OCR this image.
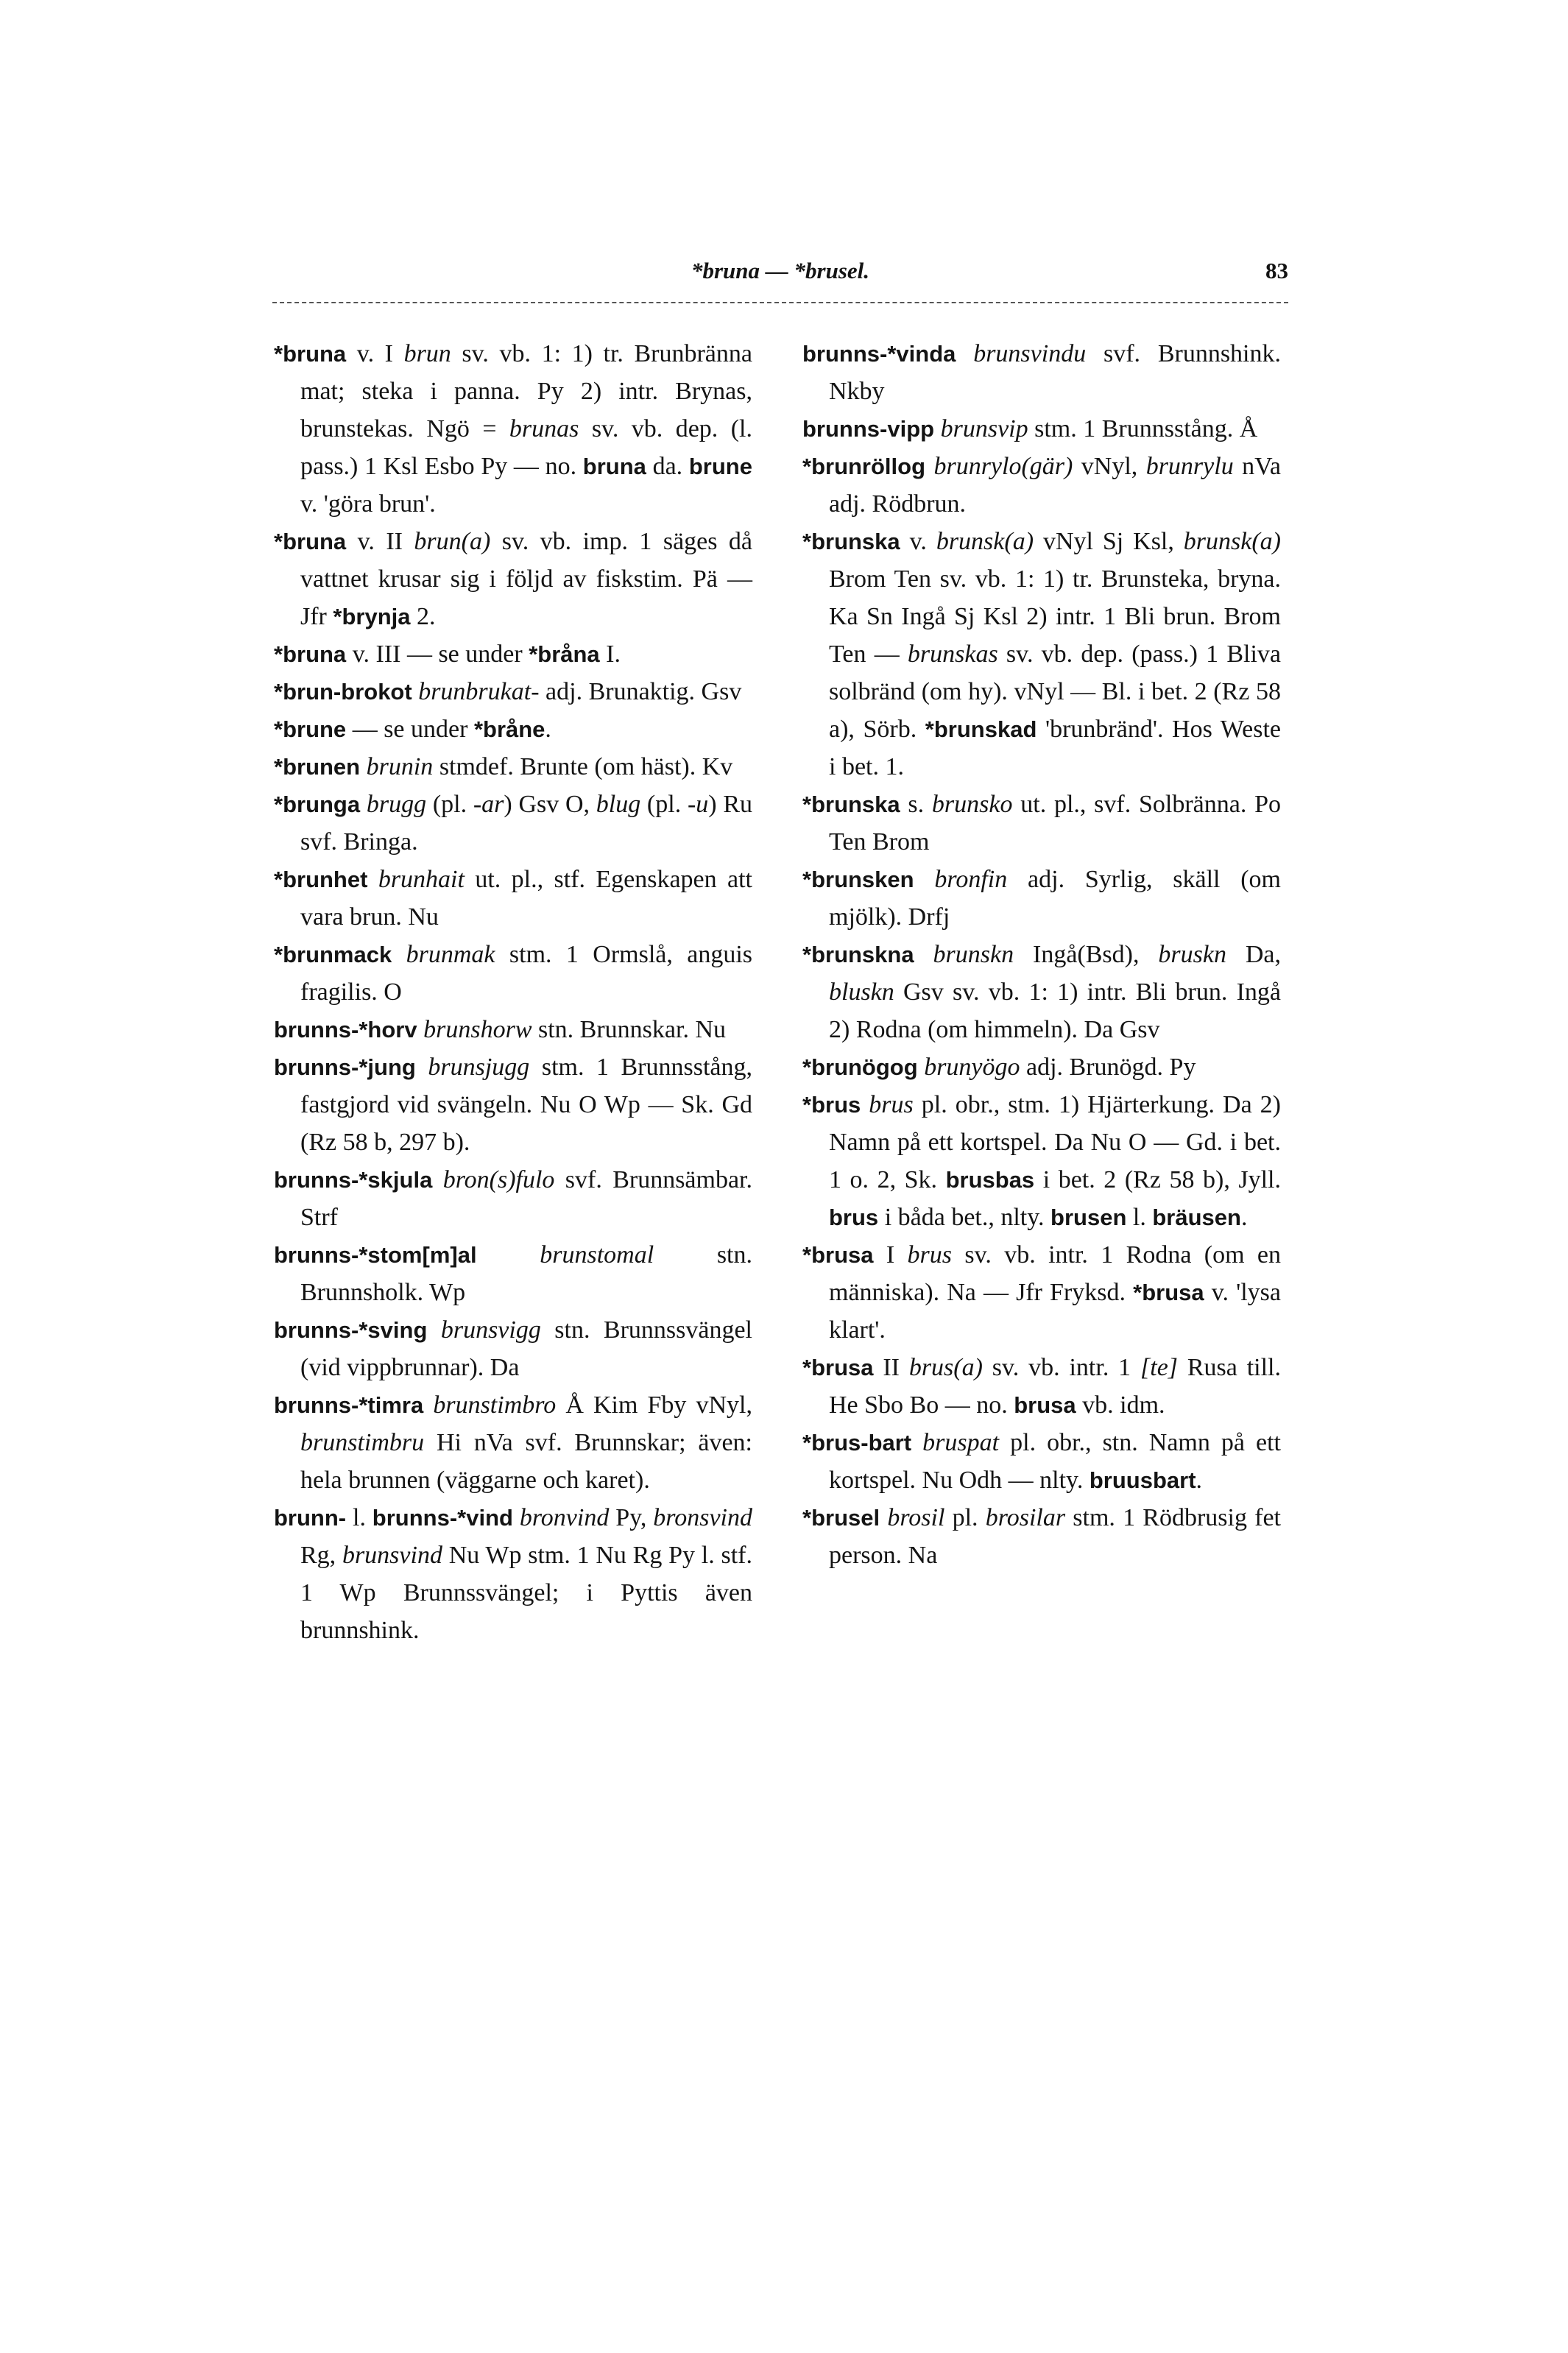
*bruna — *brusel.	83

*bruna v. I brun sv. vb. 1: 1) tr. Brunbränna mat; steka i panna. Py 2) intr. Brynas, brunstekas. Ngö = brunas sv. vb. dep. (l. pass.) 1 Ksl Esbo Py — no. bruna da. brune v. 'göra brun'.

*bruna v. II brun(a) sv. vb. imp. 1 säges då vattnet krusar sig i följd av fiskstim. Pä — Jfr *brynja 2.

*bruna v. III — se under *bråna I.

*brun-brokot brunbrukat- adj. Brunaktig. Gsv

*brune — se under *bråne.

*brunen brunin stmdef. Brunte (om häst). Kv

*brunga brugg (pl. -ar) Gsv O, blug (pl. -u) Ru svf. Bringa.

*brunhet brunhait ut. pl., stf. Egenskapen att vara brun. Nu

*brunmack brunmak stm. 1 Ormslå, anguis fragilis. O

brunns-*horv brunshorw stn. Brunnskar. Nu

brunns-*jung brunsjugg stm. 1 Brunnsstång, fastgjord vid svängeln. Nu O Wp — Sk. Gd (Rz 58 b, 297 b).

brunns-*skjula bron(s)fulo svf. Brunnsämbar. Strf

brunns-*stom[m]al	brunstomal stn. Brunnsholk. Wp

brunns-*sving brunsvigg stn. Brunnssvängel (vid vippbrunnar). Da

brunns-*timra brunstimbro Å Kim Fby vNyl, brunstimbru Hi nVa svf. Brunnskar; även: hela brunnen (väggarne och karet).

brunn- l. brunns-*vind bronvind Py, bronsvind Rg, brunsvind Nu Wp stm. 1 Nu Rg Py l. stf. 1 Wp Brunnssvängel; i Pyttis även brunnshink.

brunns-*vinda brunsvindu svf. Brunnshink. Nkby

brunns-vipp brunsvip stm. 1 Brunnsstång. Å

*brunröllog brunrylo(gär) vNyl, brunrylu nVa adj. Rödbrun.

*brunska v. brunsk(a) vNyl Sj Ksl, brunsk(a) Brom Ten sv. vb. 1: 1) tr. Brunsteka, bryna. Ka Sn Ingå Sj Ksl 2) intr. 1 Bli brun. Brom Ten — brunskas sv. vb. dep. (pass.) 1 Bliva solbränd (om hy). vNyl — Bl. i bet. 2 (Rz 58 a), Sörb. *brunskad 'brunbränd'. Hos Weste i bet. 1.

*brunska s. brunsko ut. pl., svf. Solbränna. Po Ten Brom

*brunsken bronfin adj. Syrlig, skäll (om mjölk). Drfj

*brunskna brunskn Ingå(Bsd), bruskn Da, bluskn Gsv sv. vb. 1: 1) intr. Bli brun. Ingå 2) Rodna (om himmeln). Da Gsv

*brunögog brunyögo adj. Brunögd. Py

*brus brus pl. obr., stm. 1) Hjärterkung. Da 2) Namn på ett kortspel. Da Nu O — Gd. i bet. 1 o. 2, Sk. brusbas i bet. 2 (Rz 58 b), Jyll. brus i båda bet., nlty. brusen l. bräusen.

*brusa I brus sv. vb. intr. 1 Rodna (om en människa). Na — Jfr Fryksd. *brusa v. 'lysa klart'.

*brusa II brus(a) sv. vb. intr. 1 [te] Rusa till. He Sbo Bo — no. brusa vb. idm.

*brus-bart bruspat pl. obr., stn. Namn på ett kortspel. Nu Odh — nlty. bruusbart.

*brusel brosil pl. brosilar stm. 1 Rödbrusig fet person. Na
